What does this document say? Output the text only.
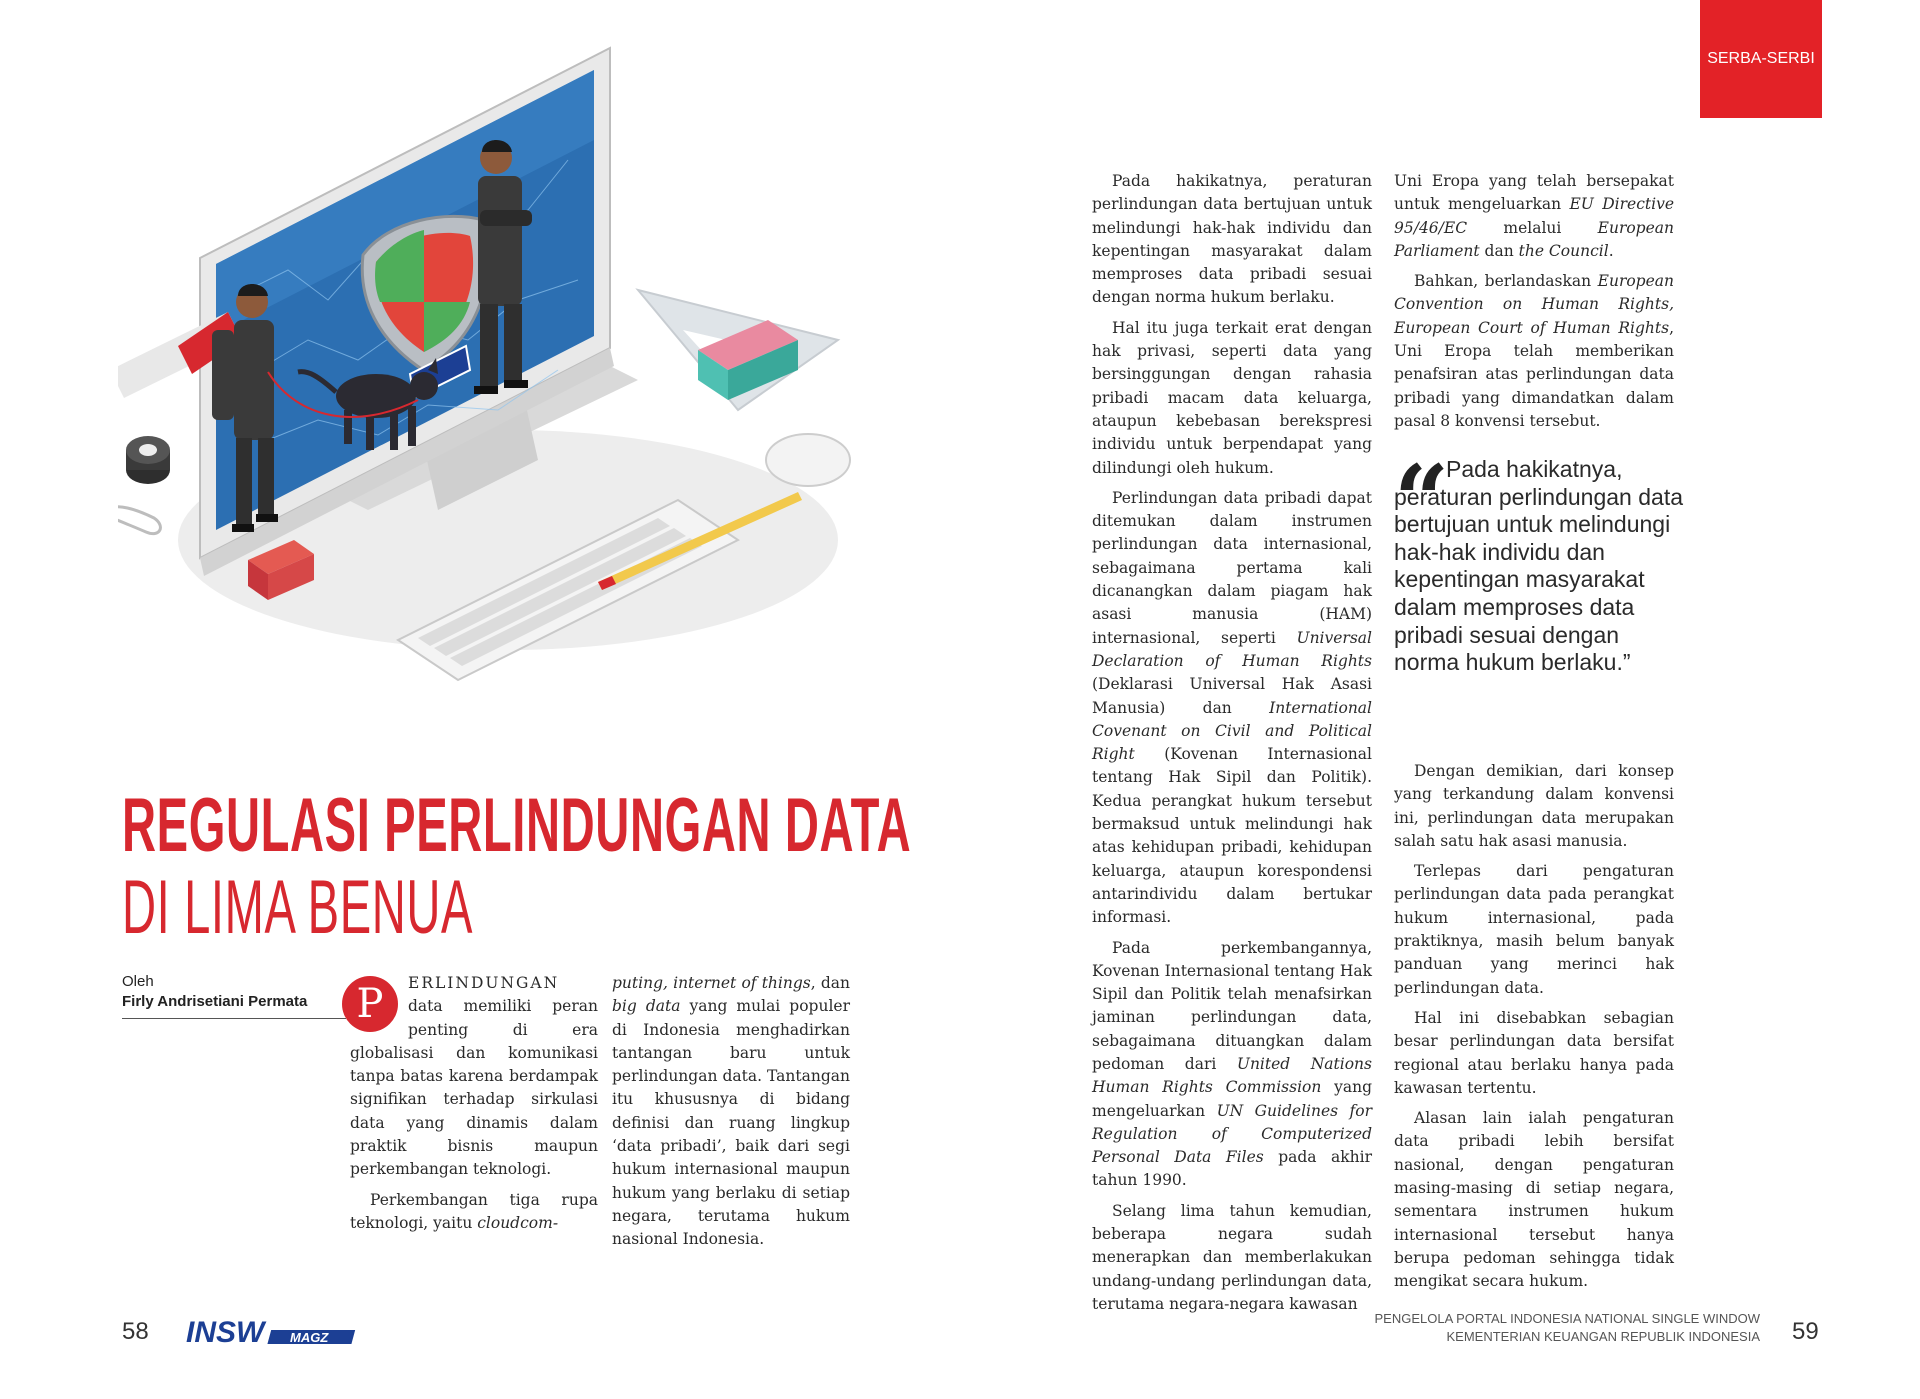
REGULASI PERLINDUNGAN DATA
DI LIMA BENUA
Oleh
Firly Andrisetiani Permata	P	ERLINDUNGAN data memiliki peran penting di era globalisasi dan komunikasi tanpa batas karena berdampak signifikan terhadap sirkulasi data yang dinamis dalam praktik bisnis maupun perkembangan teknologi.

Perkembangan tiga rupa teknologi, yaitu cloudcom-

puting, internet of things, dan big data yang mulai populer di Indonesia menghadirkan tantangan baru untuk perlindungan data. Tantangan itu khususnya di bidang definisi dan ruang lingkup ‘data pribadi’, baik dari segi hukum internasional maupun hukum yang berlaku di setiap negara, terutama hukum nasional Indonesia.

58 INSW MAGZ
SERBA-SERBI

Pada hakikatnya, peraturan perlindungan data bertujuan untuk melindungi hak-hak individu dan kepentingan masyarakat dalam memproses data pribadi sesuai dengan norma hukum berlaku.

Hal itu juga terkait erat dengan hak privasi, seperti data yang bersinggungan dengan rahasia pribadi macam data keluarga, ataupun kebebasan berekspresi individu untuk berpendapat yang dilindungi oleh hukum.

Perlindungan data pribadi dapat ditemukan dalam instrumen perlindungan data internasional, sebagaimana pertama kali dicanangkan dalam piagam hak asasi manusia (HAM) internasional, seperti Universal Declaration of Human Rights (Deklarasi Universal Hak Asasi Manusia) dan International Covenant on Civil and Political Right (Kovenan Internasional tentang Hak Sipil dan Politik). Kedua perangkat hukum tersebut bermaksud untuk melindungi hak atas kehidupan pribadi, kehidupan keluarga, ataupun korespondensi antarindividu dalam bertukar informasi.

Pada perkembangannya, Kovenan Internasional tentang Hak Sipil dan Politik telah menafsirkan jaminan perlindungan data, sebagaimana dituangkan dalam pedoman dari United Nations Human Rights Commission yang mengeluarkan UN Guidelines for Regulation of Computerized Personal Data Files pada akhir tahun 1990.

Selang lima tahun kemudian, beberapa negara sudah menerapkan dan memberlakukan undang-undang perlindungan data, terutama negara-negara kawasan

Uni Eropa yang telah bersepakat untuk mengeluarkan EU Directive 95/46/EC melalui European Parliament dan the Council.

Bahkan, berlandaskan European Convention on Human Rights, European Court of Human Rights, Uni Eropa telah memberikan penafsiran atas perlindungan data pribadi yang dimandatkan dalam pasal 8 konvensi tersebut.

“

Pada hakikatnya, peraturan perlindungan data bertujuan untuk melindungi hak-hak individu dan kepentingan masyarakat dalam memproses data pribadi sesuai dengan norma hukum berlaku.”

Dengan demikian, dari konsep yang terkandung dalam konvensi ini, perlindungan data merupakan salah satu hak asasi manusia.

Terlepas dari pengaturan perlindungan data pada perangkat hukum internasional, pada praktiknya, masih belum banyak panduan yang merinci hak perlindungan data.

Hal ini disebabkan sebagian besar perlindungan data bersifat regional atau berlaku hanya pada kawasan tertentu.

Alasan lain ialah pengaturan data pribadi lebih bersifat nasional, dengan pengaturan masing-masing di setiap negara, sementara instrumen hukum internasional tersebut hanya berupa pedoman sehingga tidak mengikat secara hukum.

PENGELOLA PORTAL INDONESIA NATIONAL SINGLE WINDOW
KEMENTERIAN KEUANGAN REPUBLIK INDONESIA 59
